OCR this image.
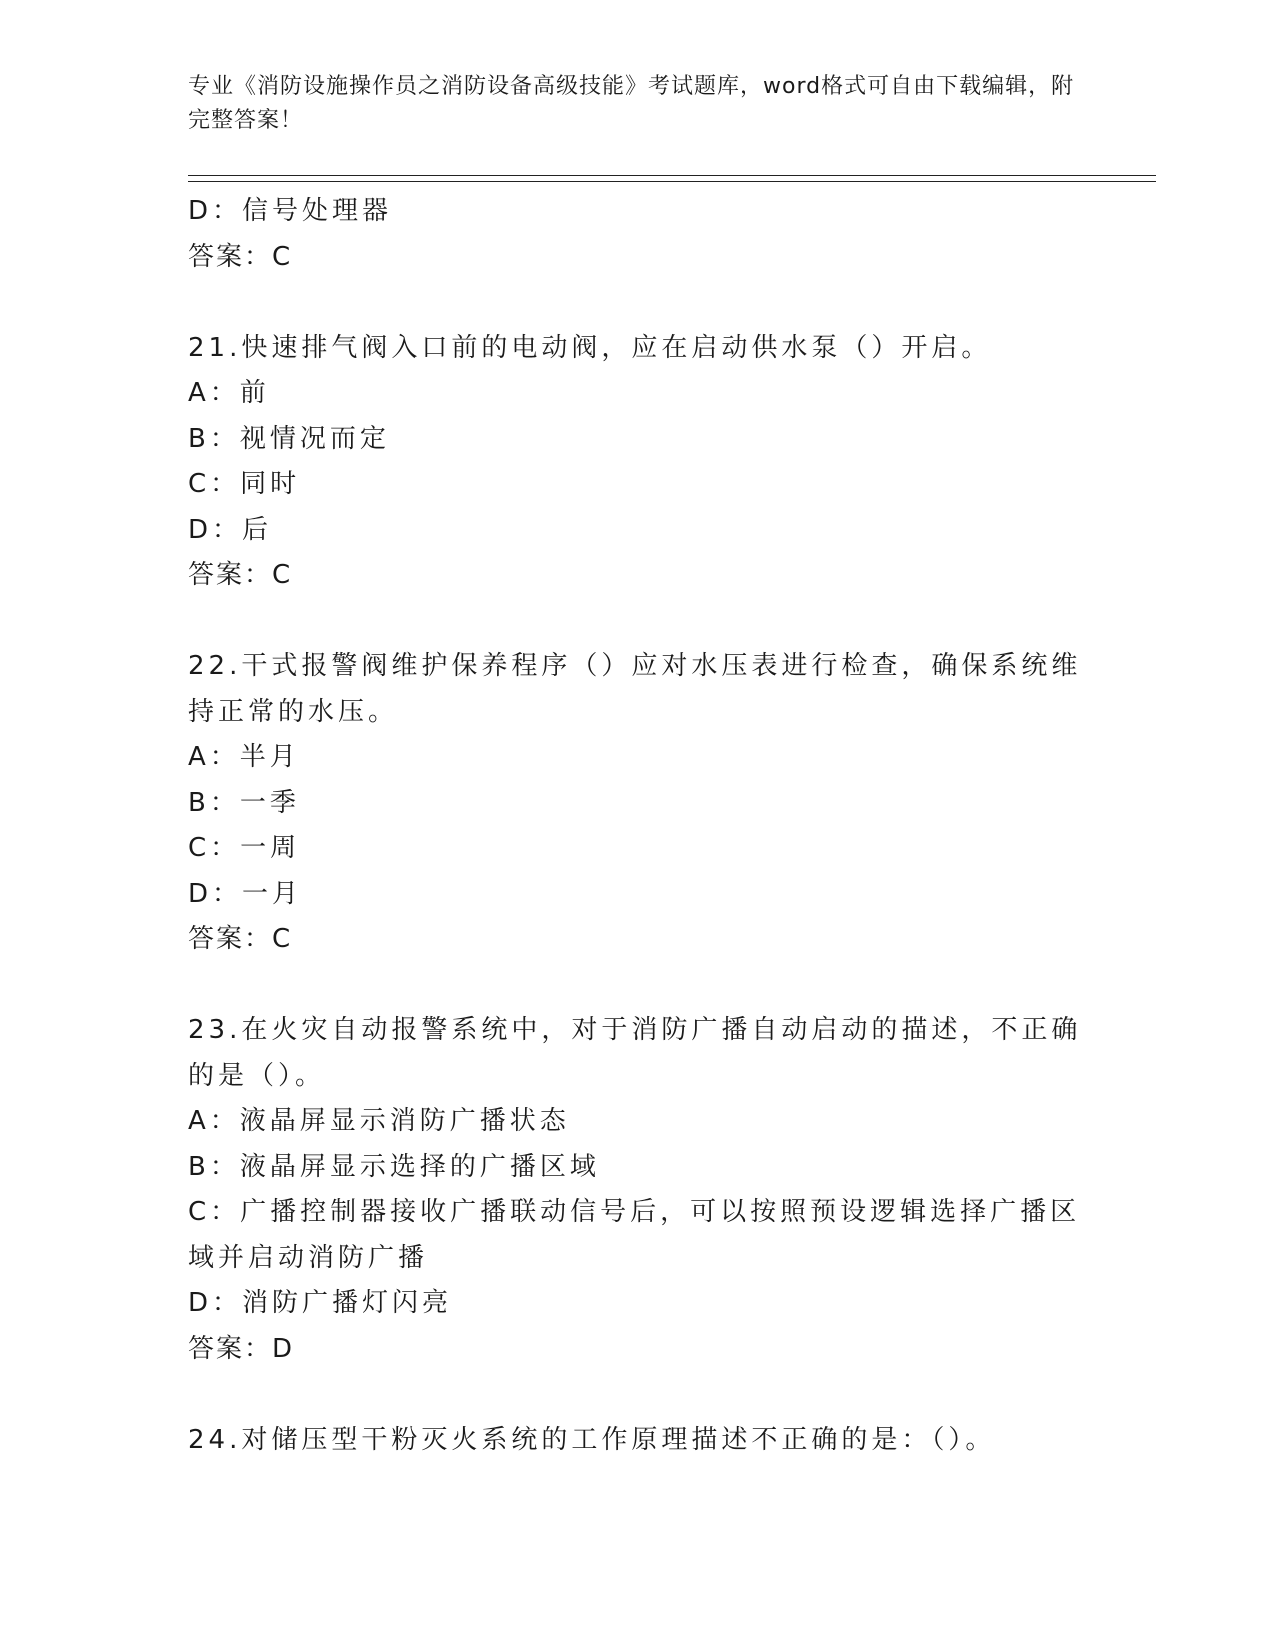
专业《消防设施操作员之消防设备高级技能》考试题库，word格式可自由下载编辑，附完整答案！
D：信号处理器
答案：C
21.快速排气阀入口前的电动阀，应在启动供水泵（）开启。
A：前
B：视情况而定
C：同时
D：后
答案：C
22.干式报警阀维护保养程序（）应对水压表进行检查，确保系统维持正常的水压。
A：半月
B：一季
C：一周
D：一月
答案：C
23.在火灾自动报警系统中，对于消防广播自动启动的描述，不正确的是（）。
A：液晶屏显示消防广播状态
B：液晶屏显示选择的广播区域
C：广播控制器接收广播联动信号后，可以按照预设逻辑选择广播区域并启动消防广播
D：消防广播灯闪亮
答案：D
24.对储压型干粉灭火系统的工作原理描述不正确的是：（）。
